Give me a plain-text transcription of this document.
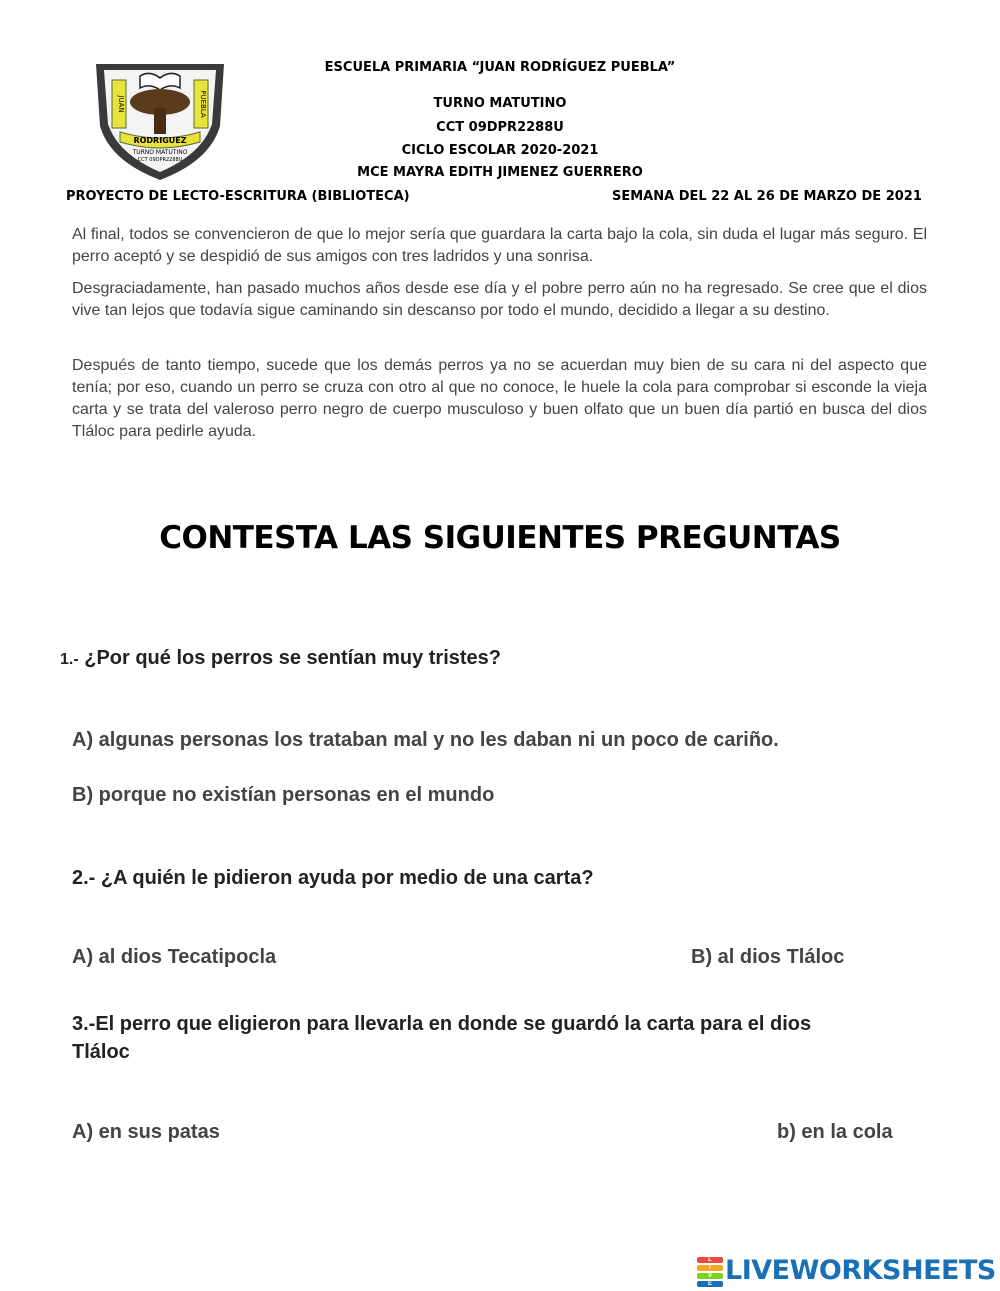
JUAN	PUEBLA
RODRIGUEZ
TURNO MATUTINO
CCT 09DPR2288U
ESCUELA PRIMARIA “JUAN RODRÍGUEZ PUEBLA”
TURNO MATUTINO
CCT 09DPR2288U
CICLO ESCOLAR 2020-2021
MCE MAYRA EDITH JIMENEZ GUERRERO
PROYECTO DE LECTO-ESCRITURA (BIBLIOTECA)	SEMANA DEL 22 AL 26 DE MARZO DE 2021

Al final, todos se convencieron de que lo mejor sería que guardara la carta bajo la cola, sin duda el lugar más seguro. El perro aceptó y se despidió de sus amigos con tres ladridos y una sonrisa.

Desgraciadamente, han pasado muchos años desde ese día y el pobre perro aún no ha regresado. Se cree que el dios vive tan lejos que todavía sigue caminando sin descanso por todo el mundo, decidido a llegar a su destino.

Después de tanto tiempo, sucede que los demás perros ya no se acuerdan muy bien de su cara ni del aspecto que tenía; por eso, cuando un perro se cruza con otro al que no conoce, le huele la cola para comprobar si esconde la vieja carta y se trata del valeroso perro negro de cuerpo musculoso y buen olfato que un buen día partió en busca del dios Tláloc para pedirle ayuda.

CONTESTA LAS SIGUIENTES PREGUNTAS
1.- ¿Por qué los perros se sentían muy tristes?
A) algunas personas los trataban mal y no les daban ni un poco de cariño.
B) porque no existían personas en el mundo
2.- ¿A quién le pidieron ayuda por medio de una carta?
A) al dios Tecatipocla	B) al dios Tláloc
3.-El perro que eligieron para llevarla en donde se guardó la carta para el dios
Tláloc
A) en sus patas	b) en la cola
L
I
V
E LIVEWORKSHEETS
